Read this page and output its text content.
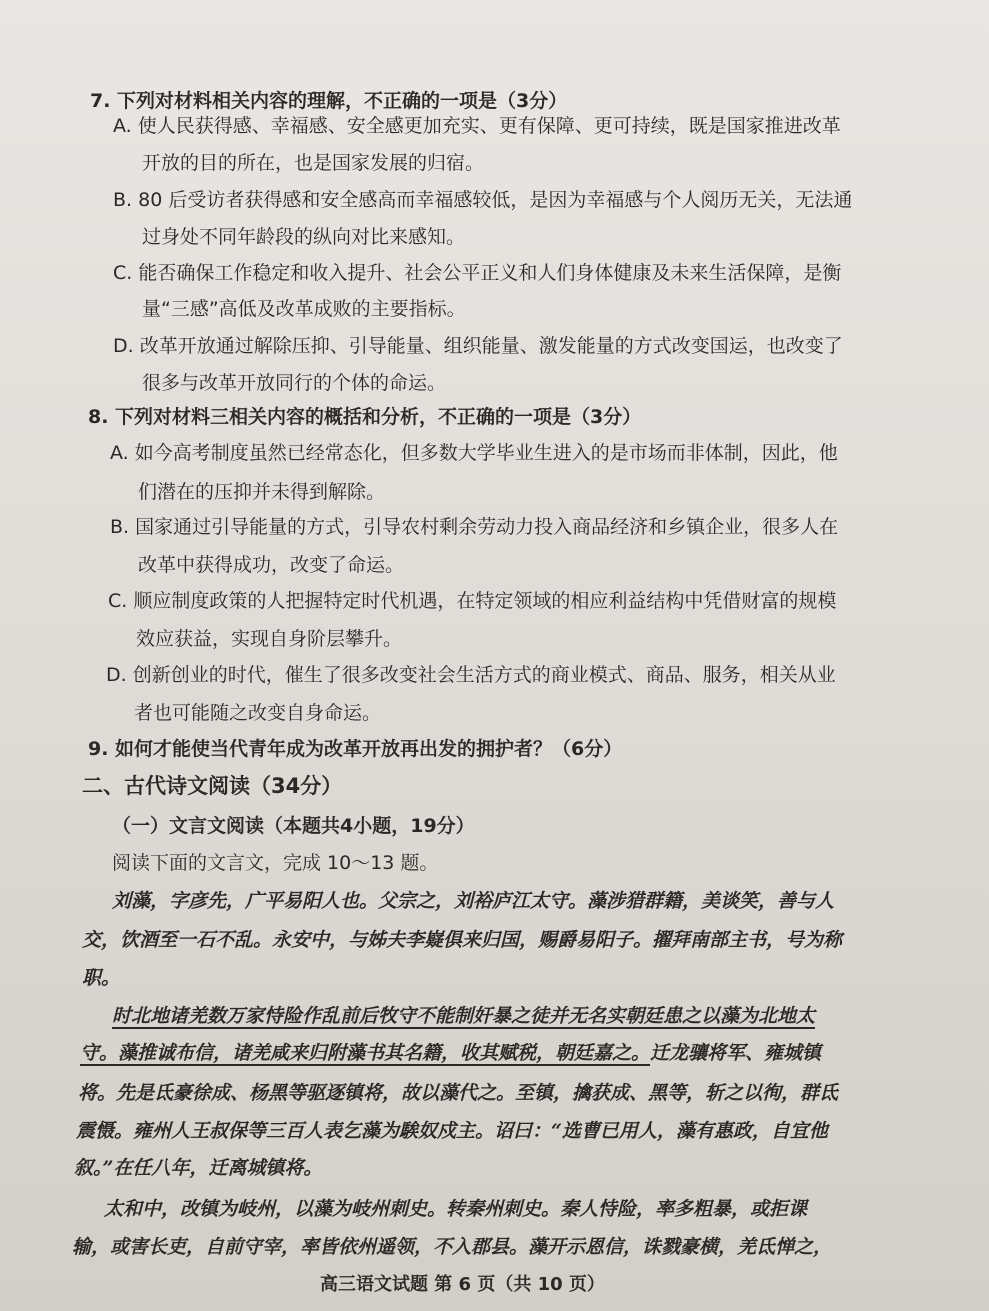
7. 下列对材料相关内容的理解，不正确的一项是（3分）
A. 使人民获得感、幸福感、安全感更加充实、更有保障、更可持续，既是国家推进改革
开放的目的所在，也是国家发展的归宿。
B. 80 后受访者获得感和安全感高而幸福感较低，是因为幸福感与个人阅历无关，无法通
过身处不同年龄段的纵向对比来感知。
C. 能否确保工作稳定和收入提升、社会公平正义和人们身体健康及未来生活保障，是衡
量“三感”高低及改革成败的主要指标。
D. 改革开放通过解除压抑、引导能量、组织能量、激发能量的方式改变国运，也改变了
很多与改革开放同行的个体的命运。
8. 下列对材料三相关内容的概括和分析，不正确的一项是（3分）
A. 如今高考制度虽然已经常态化，但多数大学毕业生进入的是市场而非体制，因此，他
们潜在的压抑并未得到解除。
B. 国家通过引导能量的方式，引导农村剩余劳动力投入商品经济和乡镇企业，很多人在
改革中获得成功，改变了命运。
C. 顺应制度政策的人把握特定时代机遇，在特定领域的相应利益结构中凭借财富的规模
效应获益，实现自身阶层攀升。
D. 创新创业的时代，催生了很多改变社会生活方式的商业模式、商品、服务，相关从业
者也可能随之改变自身命运。
9. 如何才能使当代青年成为改革开放再出发的拥护者？（6分）
二、古代诗文阅读（34分）
（一）文言文阅读（本题共4小题，19分）
阅读下面的文言文，完成 10～13 题。
刘藻，字彦先，广平易阳人也。父宗之，刘裕庐江太守。藻涉猎群籍，美谈笑，善与人
交，饮酒至一石不乱。永安中，与姊夫李嶷俱来归国，赐爵易阳子。擢拜南部主书，号为称
职。
时北地诸羌数万家恃险作乱前后牧守不能制奸暴之徒并无名实朝廷患之以藻为北地太
守。藻推诚布信，诸羌咸来归附藻书其名籍，收其赋税，朝廷嘉之。迁龙骧将军、雍城镇
将。先是氐豪徐成、杨黑等驱逐镇将，故以藻代之。至镇，擒获成、黑等，斩之以徇，群氐
震慑。雍州人王叔保等三百人表乞藻为騃奴戍主。诏曰：“选曹已用人，藻有惠政，自宜他
叙。”在任八年，迁离城镇将。
太和中，改镇为岐州，以藻为岐州刺史。转秦州刺史。秦人恃险，率多粗暴，或拒课
输，或害长吏，自前守宰，率皆依州遥领，不入郡县。藻开示恩信，诛戮豪横，羌氐惮之，
高三语文试题 第 6 页（共 10 页）
